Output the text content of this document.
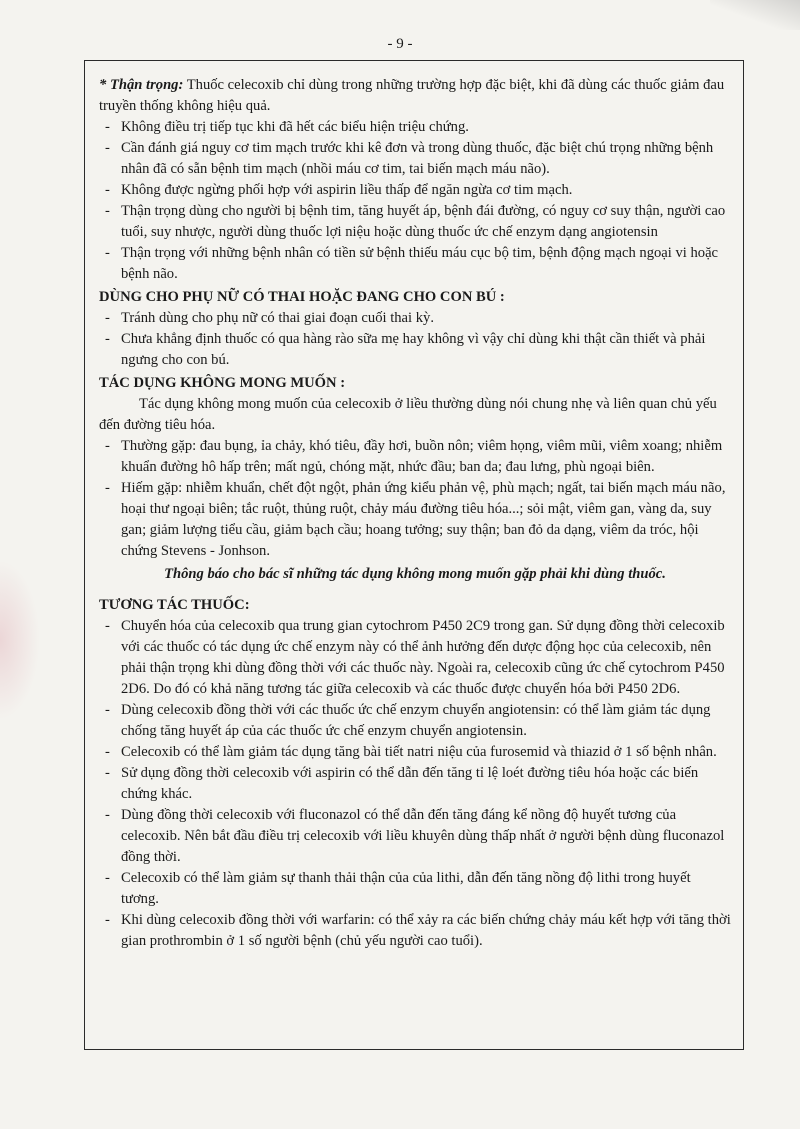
- 9 -

* Thận trọng: Thuốc celecoxib chỉ dùng trong những trường hợp đặc biệt, khi đã dùng các thuốc giảm đau truyền thống không hiệu quả.

- Không điều trị tiếp tục khi đã hết các biểu hiện triệu chứng.

- Cần đánh giá nguy cơ tim mạch trước khi kê đơn và trong dùng thuốc, đặc biệt chú trọng những bệnh nhân đã có sẵn bệnh tim mạch (nhồi máu cơ tim, tai biến mạch máu não).

- Không được ngừng phối hợp với aspirin liều thấp để ngăn ngừa cơ tim mạch.

- Thận trọng dùng cho người bị bệnh tim, tăng huyết áp, bệnh đái đường, có nguy cơ suy thận, người cao tuổi, suy nhược, người dùng thuốc lợi niệu hoặc dùng thuốc ức chế enzym dạng angiotensin

- Thận trọng với những bệnh nhân có tiền sử bệnh thiếu máu cục bộ tim, bệnh động mạch ngoại vi hoặc bệnh não.

DÙNG CHO PHỤ NỮ CÓ THAI HOẶC ĐANG CHO CON BÚ :

- Tránh dùng cho phụ nữ có thai giai đoạn cuối thai kỳ.

- Chưa khẳng định thuốc có qua hàng rào sữa mẹ hay không vì vậy chỉ dùng khi thật cần thiết và phải ngưng cho con bú.

TÁC DỤNG KHÔNG MONG MUỐN :

Tác dụng không mong muốn của celecoxib ở liều thường dùng nói chung nhẹ và liên quan chủ yếu đến đường tiêu hóa.

- Thường gặp: đau bụng, ỉa chảy, khó tiêu, đầy hơi, buồn nôn; viêm họng, viêm mũi, viêm xoang; nhiễm khuẩn đường hô hấp trên; mất ngủ, chóng mặt, nhức đầu; ban da; đau lưng, phù ngoại biên.

- Hiếm gặp: nhiễm khuẩn, chết đột ngột, phản ứng kiểu phản vệ, phù mạch; ngất, tai biến mạch máu não, hoại thư ngoại biên; tắc ruột, thủng ruột, chảy máu đường tiêu hóa...; sỏi mật, viêm gan, vàng da, suy gan; giảm lượng tiểu cầu, giảm bạch cầu; hoang tưởng; suy thận; ban đỏ da dạng, viêm da tróc, hội chứng Stevens - Jonhson.

Thông báo cho bác sĩ những tác dụng không mong muốn gặp phải khi dùng thuốc.

TƯƠNG TÁC THUỐC:

- Chuyển hóa của celecoxib qua trung gian cytochrom P450 2C9 trong gan. Sử dụng đồng thời celecoxib với các thuốc có tác dụng ức chế enzym này có thể ảnh hưởng đến dược động học của celecoxib, nên phải thận trọng khi dùng đồng thời với các thuốc này. Ngoài ra, celecoxib cũng ức chế cytochrom P450 2D6. Do đó có khả năng tương tác giữa celecoxib và các thuốc được chuyển hóa bởi P450 2D6.

- Dùng celecoxib đồng thời với các thuốc ức chế enzym chuyển angiotensin: có thể làm giảm tác dụng chống tăng huyết áp của các thuốc ức chế enzym chuyển angiotensin.

- Celecoxib có thể làm giảm tác dụng tăng bài tiết natri niệu của furosemid và thiazid ở 1 số bệnh nhân.

- Sử dụng đồng thời celecoxib với aspirin có thể dẫn đến tăng tỉ lệ loét đường tiêu hóa hoặc các biến chứng khác.

- Dùng đồng thời celecoxib với fluconazol có thể dẫn đến tăng đáng kể nồng độ huyết tương của celecoxib. Nên bắt đầu điều trị celecoxib với liều khuyên dùng thấp nhất ở người bệnh dùng fluconazol đồng thời.

- Celecoxib có thể làm giảm sự thanh thải thận của của lithi, dẫn đến tăng nồng độ lithi trong huyết tương.

- Khi dùng celecoxib đồng thời với warfarin: có thể xảy ra các biến chứng chảy máu kết hợp với tăng thời gian prothrombin ở 1 số người bệnh (chủ yếu người cao tuổi).
